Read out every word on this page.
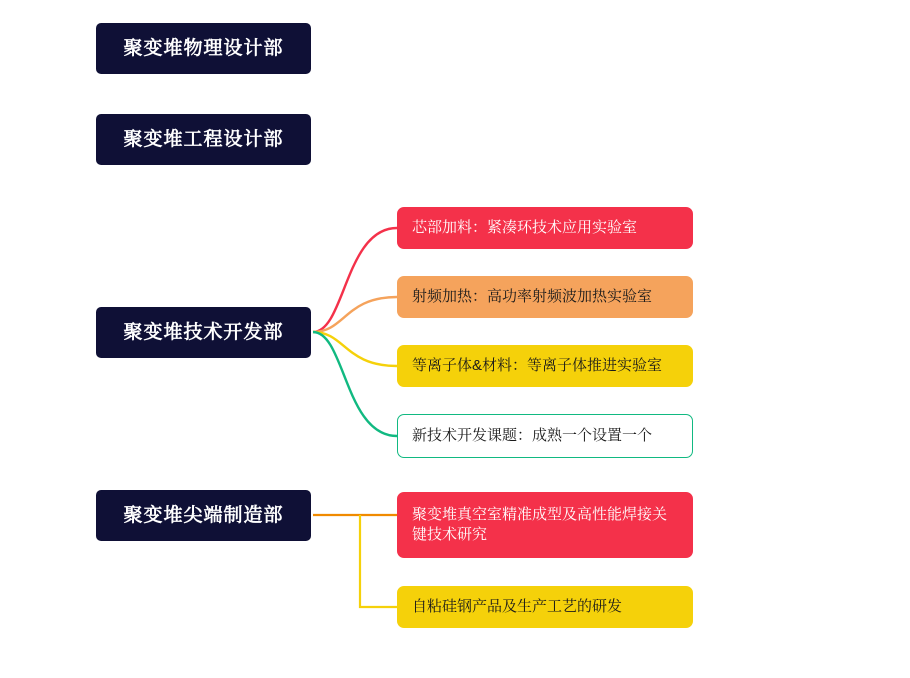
聚变堆物理设计部
聚变堆工程设计部
聚变堆技术开发部
聚变堆尖端制造部
芯部加料：紧凑环技术应用实验室
射频加热：高功率射频波加热实验室
等离子体&材料：等离子体推进实验室
新技术开发课题：成熟一个设置一个
聚变堆真空室精准成型及高性能焊接关键技术研究
自粘硅钢产品及生产工艺的研发
